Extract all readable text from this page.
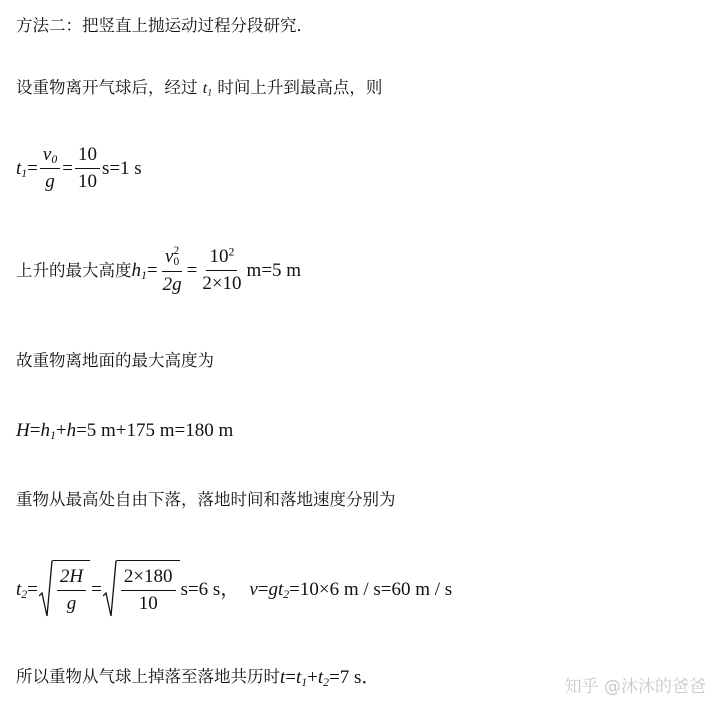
方法二：把竖直上抛运动过程分段研究．
设重物离开气球后，经过 $t_1$ 时间上升到最高点，则
$t_1 = \frac{v_0}{g} = \frac{10}{10} s=1$ s
上升的最大高度 $h_1 = v$ 2
0
$2g = \frac{10^2}{2\times 10} m=5$ m
故重物离地面的最大高度为
$H = h_1 + h =5$ m+175 m=180 m
重物从最高处自由下落，落地时间和落地速度分别为
$t_2 = \frac{2H}{g} = \frac{2\times 180}{10} s=6$ s， v = g $t_2 =10\times 6$ m / s=60 m / s
所以重物从气球上掉落至落地共历时 $t = t_1 + t_2 =7$ s．	知乎 @沐沐的爸爸
